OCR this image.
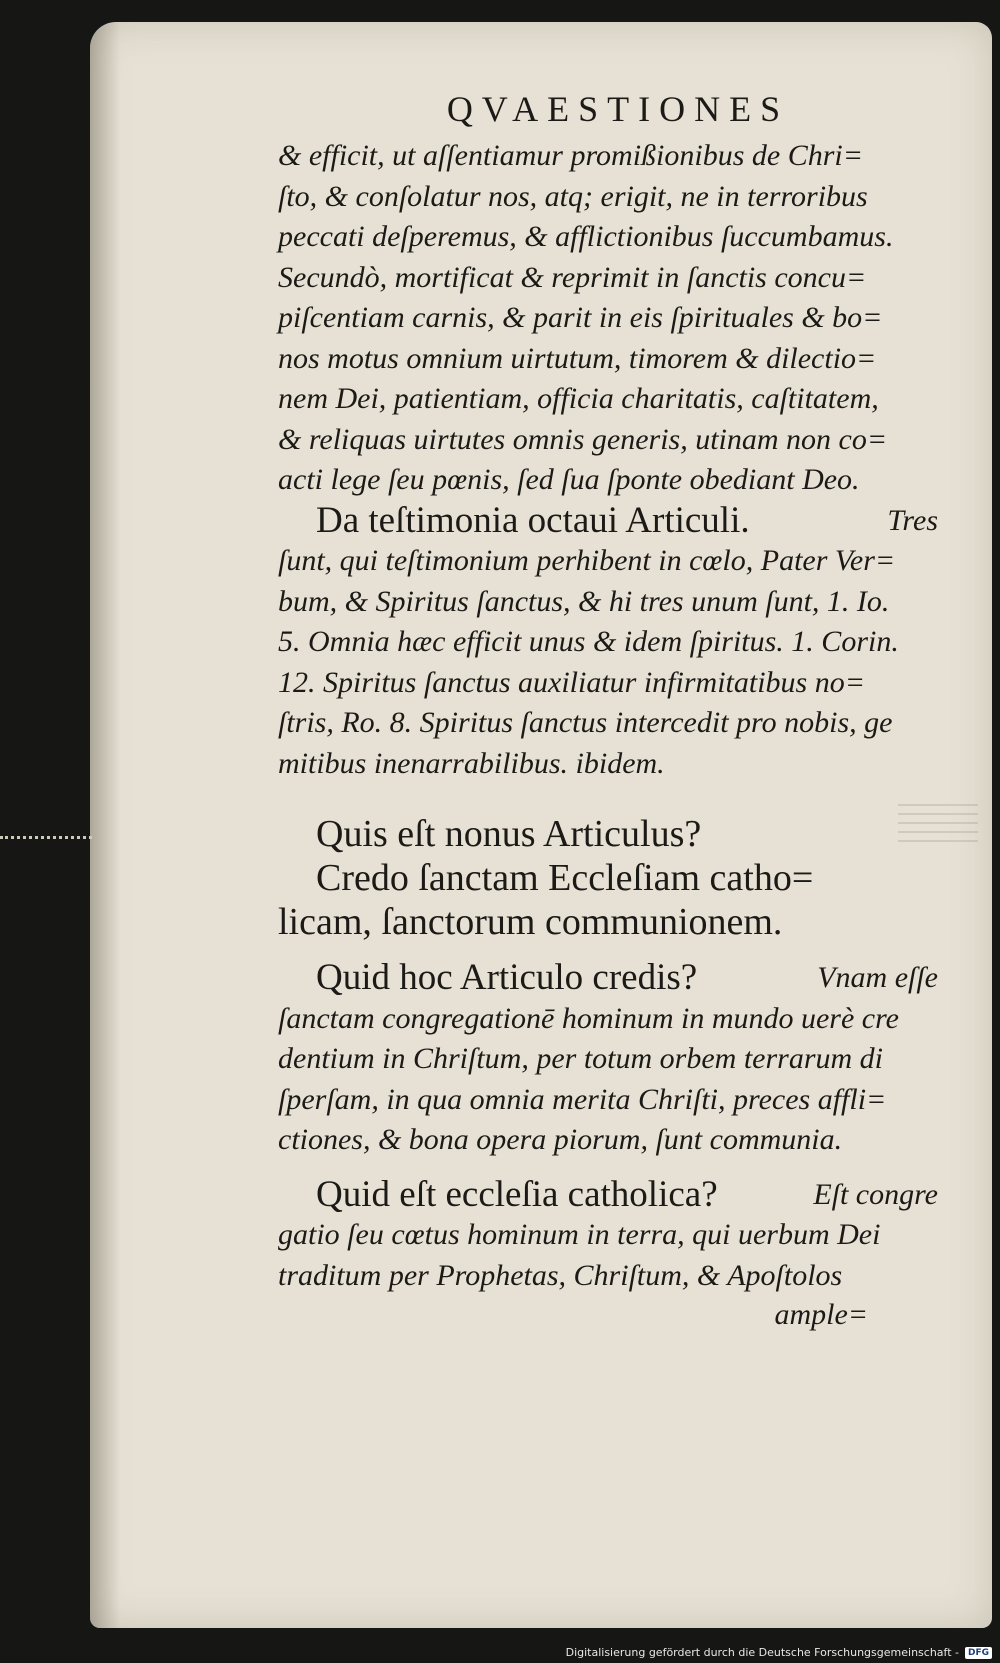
QVAESTIONES

& efficit, ut aſſentiamur promißionibus de Chri=

ſto, & conſolatur nos, atq; erigit, ne in terroribus

peccati deſperemus, & afflictionibus ſuccumbamus.

Secundò, mortificat & reprimit in ſanctis concu=

piſcentiam carnis, & parit in eis ſpirituales & bo=

nos motus omnium uirtutum, timorem & dilectio=

nem Dei, patientiam, officia charitatis, caſtitatem,

& reliquas uirtutes omnis generis, utinam non co=

acti lege ſeu pœnis, ſed ſua ſponte obediant Deo.

Da teſtimonia octaui Articuli.	Tres

ſunt, qui teſtimonium perhibent in cœlo, Pater Ver=

bum, & Spiritus ſanctus, & hi tres unum ſunt, 1. Io.

5. Omnia hæc efficit unus & idem ſpiritus. 1. Corin.

12. Spiritus ſanctus auxiliatur infirmitatibus no=

ſtris, Ro. 8. Spiritus ſanctus intercedit pro nobis, ge

mitibus inenarrabilibus. ibidem.

Quis eſt nonus Articulus?

Credo ſanctam Eccleſiam catho=

licam, ſanctorum communionem.

Quid hoc Articulo credis?	Vnam eſſe

ſanctam congregationē hominum in mundo uerè cre

dentium in Chriſtum, per totum orbem terrarum di

ſperſam, in qua omnia merita Chriſti, preces affli=

ctiones, & bona opera piorum, ſunt communia.

Quid eſt eccleſia catholica?	Eſt congre

gatio ſeu cœtus hominum in terra, qui uerbum Dei

traditum per Prophetas, Chriſtum, & Apoſtolos

ample=

Digitalisierung gefördert durch die Deutsche Forschungsgemeinschaft -	DFG
